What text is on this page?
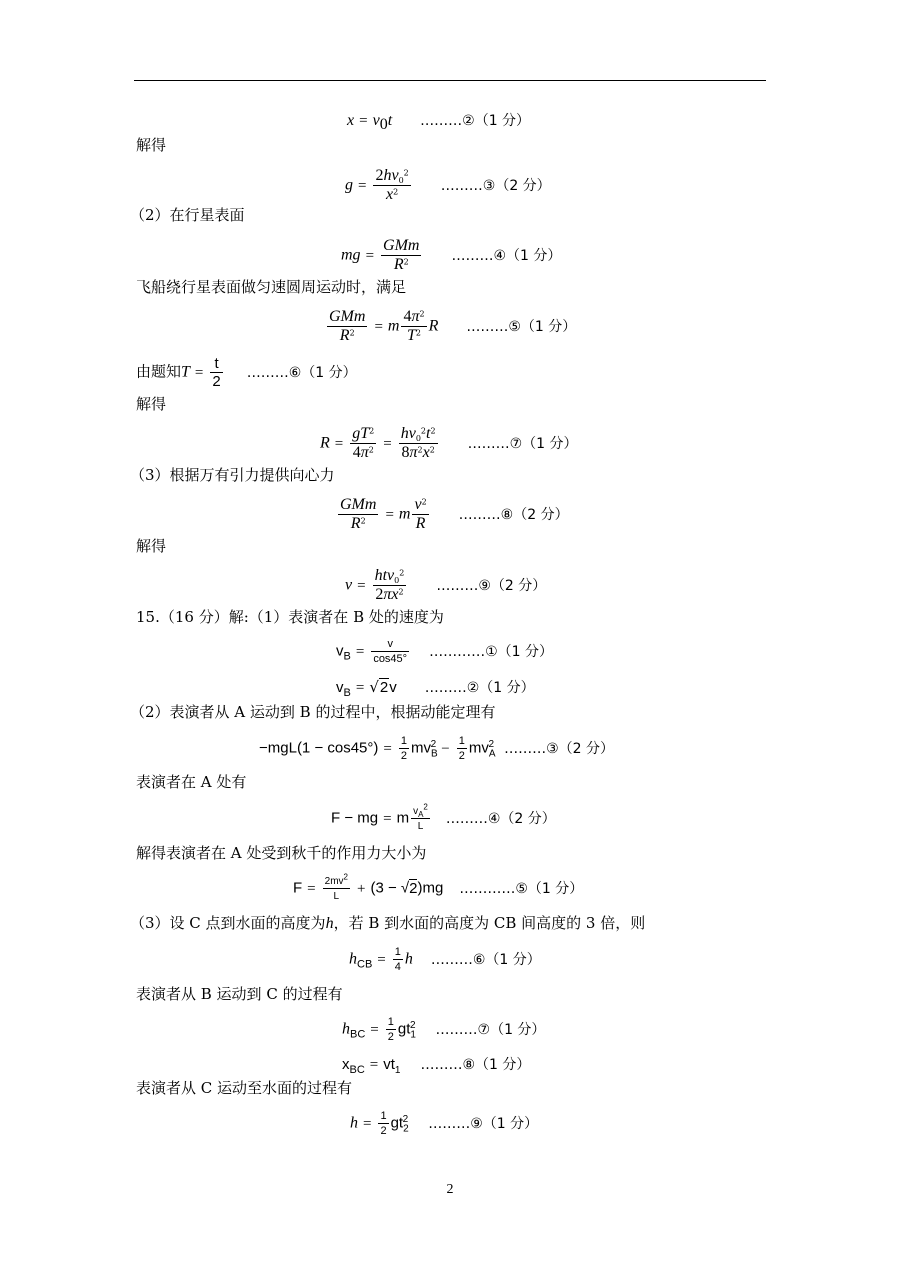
$x = v_0t$ ………②（1 分）
解得
$g = \frac{2hv_0^2}{x^2}$ ………③（2 分）
（2）在行星表面
mg = $\frac{\text{GMm}}{R^2}$ ………④（1 分）
飞船绕行星表面做匀速圆周运动时，满足
$\frac{\text{GMm}}{R^2} = m \frac{4\pi^2}{T^2}$ R ………⑤（1 分）
由题知$T = \frac{t}{2}$ ………⑥（1 分）
解得
$R = \frac{gT^2}{4\pi^2} = \frac{hv_0^2t^2}{8\pi^2x^2}$ ………⑦（1 分）
（3）根据万有引力提供向心力
$\frac{\text{GMm}}{R^2} = m \frac{v^2}{R}$ ………⑧（2 分）
解得
$v = \frac{htv_0^2}{2\pi x^2}$ ………⑨（2 分）
15.（16 分）解:（1）表演者在 B 处的速度为
$v_B = \frac{v}{\cos 45^\circ}$ …………①（1 分）
$v_B = √2v$ ………②（1 分）
（2）表演者从 A 运动到 B 的过程中，根据动能定理有
$-mgL(1 - \cos 45^\circ) = \frac{1}{2} mv_B^2 - \frac{1}{2} mv_A^2$ ………③（2 分）
表演者在 A 处有
F − mg = m $\frac{v_A^2}{L}$ ………④（2 分）
解得表演者在 A 处受到秋千的作用力大小为
$F = \frac{2mv^2}{L} + (3 - √2)mg$ …………⑤（1 分）
（3）设 C 点到水面的高度为h，若 B 到水面的高度为 CB 间高度的 3 倍，则
$h_{CB} = \frac{1}{4}$ h ………⑥（1 分）
表演者从 B 运动到 C 的过程有
$h_{BC} = \frac{1}{2} gt_1^2$ ………⑦（1 分）
$x_{BC} = vt_1$ ………⑧（1 分）
表演者从 C 运动至水面的过程有
$h = \frac{1}{2} gt_2^2$ ………⑨（1 分）
2
